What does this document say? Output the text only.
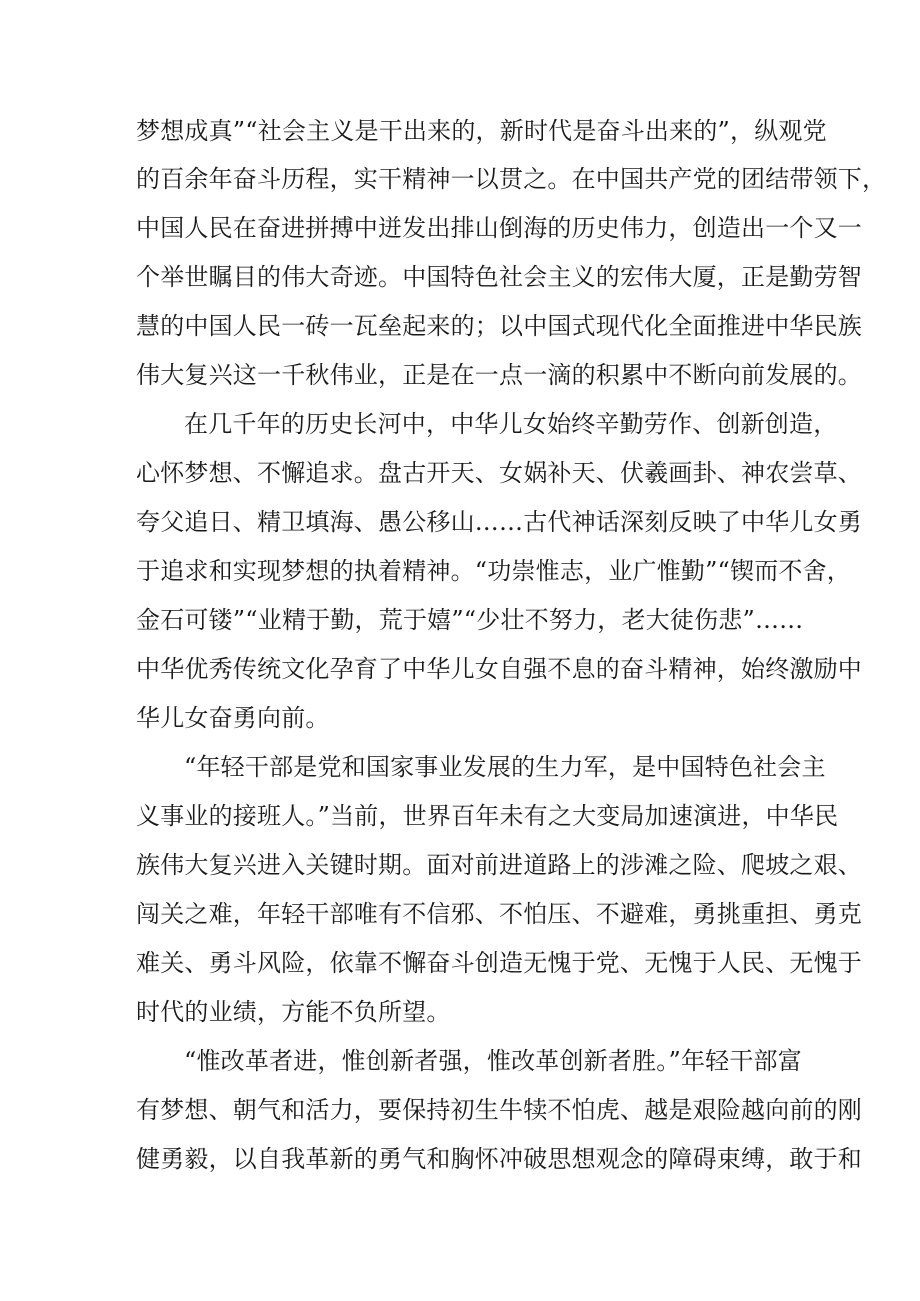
梦想成真”“社会主义是干出来的，新时代是奋斗出来的”，纵观党
的百余年奋斗历程，实干精神一以贯之。在中国共产党的团结带领下，
中国人民在奋进拼搏中迸发出排山倒海的历史伟力，创造出一个又一
个举世瞩目的伟大奇迹。中国特色社会主义的宏伟大厦，正是勤劳智
慧的中国人民一砖一瓦垒起来的；以中国式现代化全面推进中华民族
伟大复兴这一千秋伟业，正是在一点一滴的积累中不断向前发展的。
在几千年的历史长河中，中华儿女始终辛勤劳作、创新创造，
心怀梦想、不懈追求。盘古开天、女娲补天、伏羲画卦、神农尝草、
夸父追日、精卫填海、愚公移山……古代神话深刻反映了中华儿女勇
于追求和实现梦想的执着精神。“功崇惟志，业广惟勤”“锲而不舍，
金石可镂”“业精于勤，荒于嬉”“少壮不努力，老大徒伤悲”……
中华优秀传统文化孕育了中华儿女自强不息的奋斗精神，始终激励中
华儿女奋勇向前。
“年轻干部是党和国家事业发展的生力军，是中国特色社会主
义事业的接班人。”当前，世界百年未有之大变局加速演进，中华民
族伟大复兴进入关键时期。面对前进道路上的涉滩之险、爬坡之艰、
闯关之难，年轻干部唯有不信邪、不怕压、不避难，勇挑重担、勇克
难关、勇斗风险，依靠不懈奋斗创造无愧于党、无愧于人民、无愧于
时代的业绩，方能不负所望。
“惟改革者进，惟创新者强，惟改革创新者胜。”年轻干部富
有梦想、朝气和活力，要保持初生牛犊不怕虎、越是艰险越向前的刚
健勇毅，以自我革新的勇气和胸怀冲破思想观念的障碍束缚，敢于和
